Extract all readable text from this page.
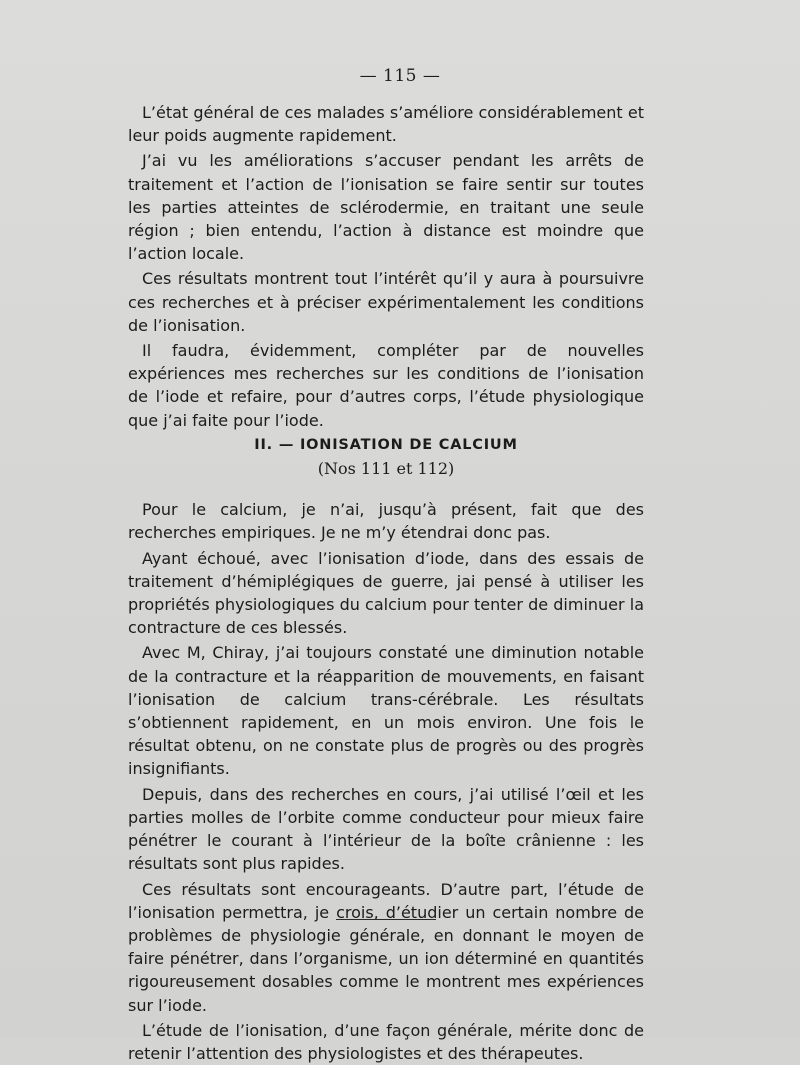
— 115 —

L’état général de ces malades s’améliore considérablement et leur poids augmente rapidement.

J’ai vu les améliorations s’accuser pendant les arrêts de traitement et l’action de l’ionisation se faire sentir sur toutes les parties atteintes de sclérodermie, en traitant une seule région ; bien entendu, l’action à distance est moindre que l’action locale.

Ces résultats montrent tout l’intérêt qu’il y aura à poursuivre ces recherches et à préciser expérimentalement les conditions de l’ionisation.

Il faudra, évidemment, compléter par de nouvelles expériences mes recherches sur les conditions de l’ionisation de l’iode et refaire, pour d’autres corps, l’étude physiologique que j’ai faite pour l’iode.

II. — IONISATION DE CALCIUM

(Nos 111 et 112)

Pour le calcium, je n’ai, jusqu’à présent, fait que des recherches empiriques. Je ne m’y étendrai donc pas.

Ayant échoué, avec l’ionisation d’iode, dans des essais de traitement d’hémiplégiques de guerre, jai pensé à utiliser les propriétés physiologiques du calcium pour tenter de diminuer la contracture de ces blessés.

Avec M, Chiray, j’ai toujours constaté une diminution notable de la contracture et la réapparition de mouvements, en faisant l’ionisation de calcium trans-cérébrale. Les résultats s’obtiennent rapidement, en un mois environ. Une fois le résultat obtenu, on ne constate plus de progrès ou des progrès insignifiants.

Depuis, dans des recherches en cours, j’ai utilisé l’œil et les parties molles de l’orbite comme conducteur pour mieux faire pénétrer le courant à l’intérieur de la boîte crânienne : les résultats sont plus rapides.

Ces résultats sont encourageants. D’autre part, l’étude de l’ionisation permettra, je crois, d’étudier un certain nombre de problèmes de physiologie générale, en donnant le moyen de faire pénétrer, dans l’organisme, un ion déterminé en quantités rigoureusement dosables comme le montrent mes expériences sur l’iode.

L’étude de l’ionisation, d’une façon générale, mérite donc de retenir l’attention des physiologistes et des thérapeutes.
